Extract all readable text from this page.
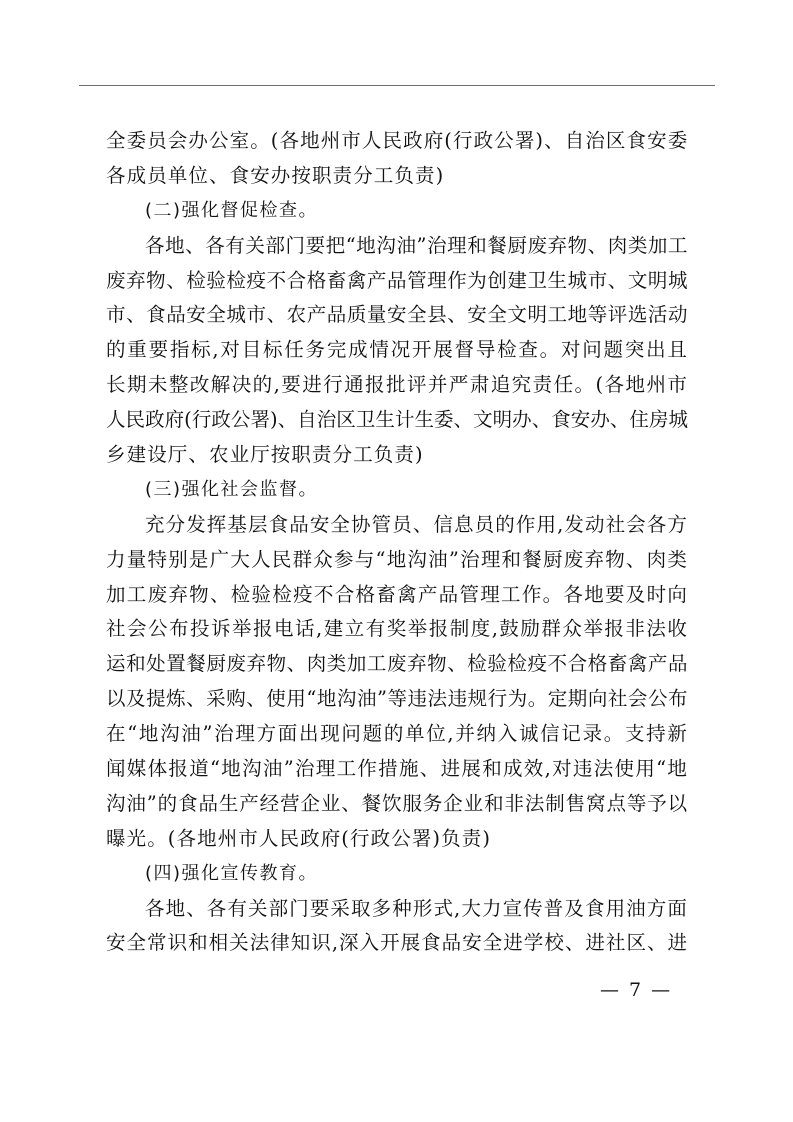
全委员会办公室。(各地州市人民政府(行政公署)、自治区食安委
各成员单位、食安办按职责分工负责)
(二)强化督促检查。
各地、各有关部门要把“地沟油”治理和餐厨废弃物、肉类加工
废弃物、检验检疫不合格畜禽产品管理作为创建卫生城市、文明城
市、食品安全城市、农产品质量安全县、安全文明工地等评选活动
的重要指标,对目标任务完成情况开展督导检查。对问题突出且
长期未整改解决的,要进行通报批评并严肃追究责任。(各地州市
人民政府(行政公署)、自治区卫生计生委、文明办、食安办、住房城
乡建设厅、农业厅按职责分工负责)
(三)强化社会监督。
充分发挥基层食品安全协管员、信息员的作用,发动社会各方
力量特别是广大人民群众参与“地沟油”治理和餐厨废弃物、肉类
加工废弃物、检验检疫不合格畜禽产品管理工作。各地要及时向
社会公布投诉举报电话,建立有奖举报制度,鼓励群众举报非法收
运和处置餐厨废弃物、肉类加工废弃物、检验检疫不合格畜禽产品
以及提炼、采购、使用“地沟油”等违法违规行为。定期向社会公布
在“地沟油”治理方面出现问题的单位,并纳入诚信记录。支持新
闻媒体报道“地沟油”治理工作措施、进展和成效,对违法使用“地
沟油”的食品生产经营企业、餐饮服务企业和非法制售窝点等予以
曝光。(各地州市人民政府(行政公署)负责)
(四)强化宣传教育。
各地、各有关部门要采取多种形式,大力宣传普及食用油方面
安全常识和相关法律知识,深入开展食品安全进学校、进社区、进
— 7 —
